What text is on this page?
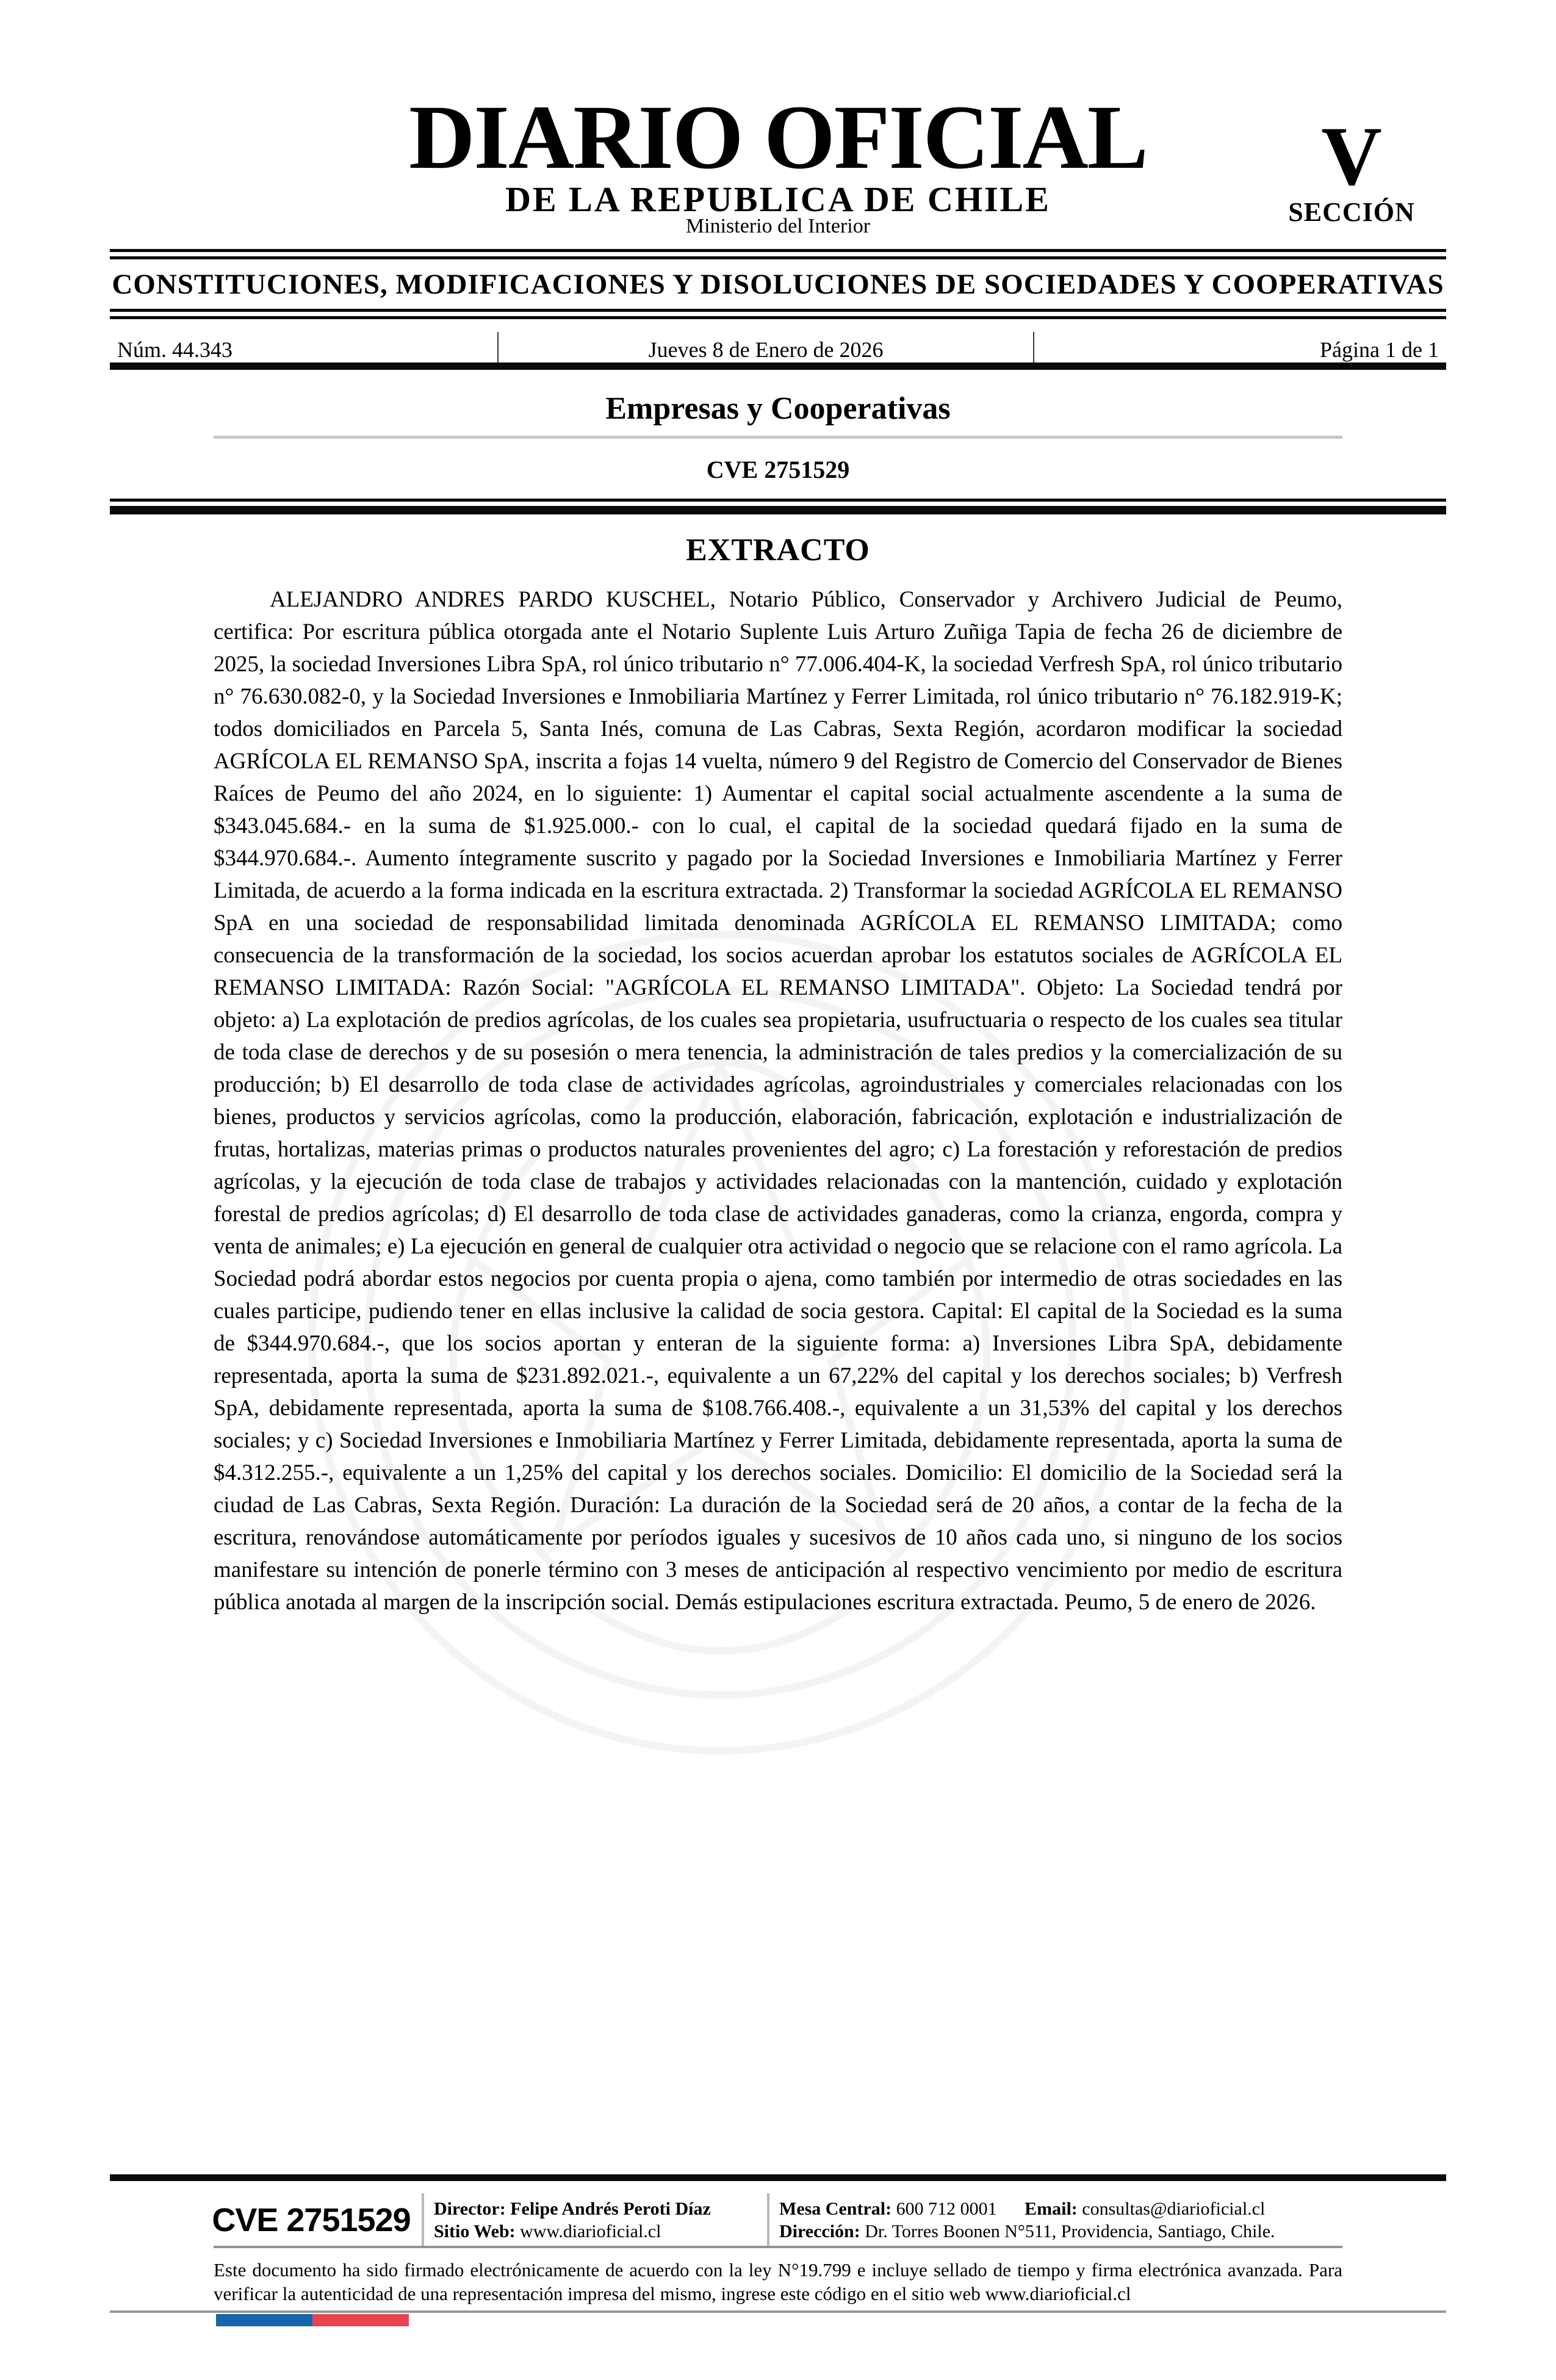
DIARIO OFICIAL
DE LA REPUBLICA DE CHILE
Ministerio del Interior
V
SECCIÓN
CONSTITUCIONES, MODIFICACIONES Y DISOLUCIONES DE SOCIEDADES Y COOPERATIVAS
Núm. 44.343	Jueves 8 de Enero de 2026	Página 1 de 1
Empresas y Cooperativas
CVE 2751529
EXTRACTO

ALEJANDRO ANDRES PARDO KUSCHEL, Notario Público, Conservador y Archivero Judicial de Peumo, certifica: Por escritura pública otorgada ante el Notario Suplente Luis Arturo Zuñiga Tapia de fecha 26 de diciembre de 2025, la sociedad Inversiones Libra SpA, rol único tributario n° 77.006.404-K, la sociedad Verfresh SpA, rol único tributario n° 76.630.082-0, y la Sociedad Inversiones e Inmobiliaria Martínez y Ferrer Limitada, rol único tributario n° 76.182.919-K; todos domiciliados en Parcela 5, Santa Inés, comuna de Las Cabras, Sexta Región, acordaron modificar la sociedad AGRÍCOLA EL REMANSO SpA, inscrita a fojas 14 vuelta, número 9 del Registro de Comercio del Conservador de Bienes Raíces de Peumo del año 2024, en lo siguiente: 1) Aumentar el capital social actualmente ascendente a la suma de $343.045.684.- en la suma de $1.925.000.- con lo cual, el capital de la sociedad quedará fijado en la suma de $344.970.684.-. Aumento íntegramente suscrito y pagado por la Sociedad Inversiones e Inmobiliaria Martínez y Ferrer Limitada, de acuerdo a la forma indicada en la escritura extractada. 2) Transformar la sociedad AGRÍCOLA EL REMANSO SpA en una sociedad de responsabilidad limitada denominada AGRÍCOLA EL REMANSO LIMITADA; como consecuencia de la transformación de la sociedad, los socios acuerdan aprobar los estatutos sociales de AGRÍCOLA EL REMANSO LIMITADA: Razón Social: "AGRÍCOLA EL REMANSO LIMITADA". Objeto: La Sociedad tendrá por objeto: a) La explotación de predios agrícolas, de los cuales sea propietaria, usufructuaria o respecto de los cuales sea titular de toda clase de derechos y de su posesión o mera tenencia, la administración de tales predios y la comercialización de su producción; b) El desarrollo de toda clase de actividades agrícolas, agroindustriales y comerciales relacionadas con los bienes, productos y servicios agrícolas, como la producción, elaboración, fabricación, explotación e industrialización de frutas, hortalizas, materias primas o productos naturales provenientes del agro; c) La forestación y reforestación de predios agrícolas, y la ejecución de toda clase de trabajos y actividades relacionadas con la mantención, cuidado y explotación forestal de predios agrícolas; d) El desarrollo de toda clase de actividades ganaderas, como la crianza, engorda, compra y venta de animales; e) La ejecución en general de cualquier otra actividad o negocio que se relacione con el ramo agrícola. La Sociedad podrá abordar estos negocios por cuenta propia o ajena, como también por intermedio de otras sociedades en las cuales participe, pudiendo tener en ellas inclusive la calidad de socia gestora. Capital: El capital de la Sociedad es la suma de $344.970.684.-, que los socios aportan y enteran de la siguiente forma: a) Inversiones Libra SpA, debidamente representada, aporta la suma de $231.892.021.-, equivalente a un 67,22% del capital y los derechos sociales; b) Verfresh SpA, debidamente representada, aporta la suma de $108.766.408.-, equivalente a un 31,53% del capital y los derechos sociales; y c) Sociedad Inversiones e Inmobiliaria Martínez y Ferrer Limitada, debidamente representada, aporta la suma de $4.312.255.-, equivalente a un 1,25% del capital y los derechos sociales. Domicilio: El domicilio de la Sociedad será la ciudad de Las Cabras, Sexta Región. Duración: La duración de la Sociedad será de 20 años, a contar de la fecha de la escritura, renovándose automáticamente por períodos iguales y sucesivos de 10 años cada uno, si ninguno de los socios manifestare su intención de ponerle término con 3 meses de anticipación al respectivo vencimiento por medio de escritura pública anotada al margen de la inscripción social. Demás estipulaciones escritura extractada. Peumo, 5 de enero de 2026.

CVE 2751529 Director: Felipe Andrés Peroti Díaz
Sitio Web: www.diarioficial.cl
Mesa Central: 600 712 0001 Email: consultas@diarioficial.cl
Dirección: Dr. Torres Boonen N°511, Providencia, Santiago, Chile.

Este documento ha sido firmado electrónicamente de acuerdo con la ley N°19.799 e incluye sellado de tiempo y firma electrónica avanzada. Para verificar la autenticidad de una representación impresa del mismo, ingrese este código en el sitio web www.diarioficial.cl
